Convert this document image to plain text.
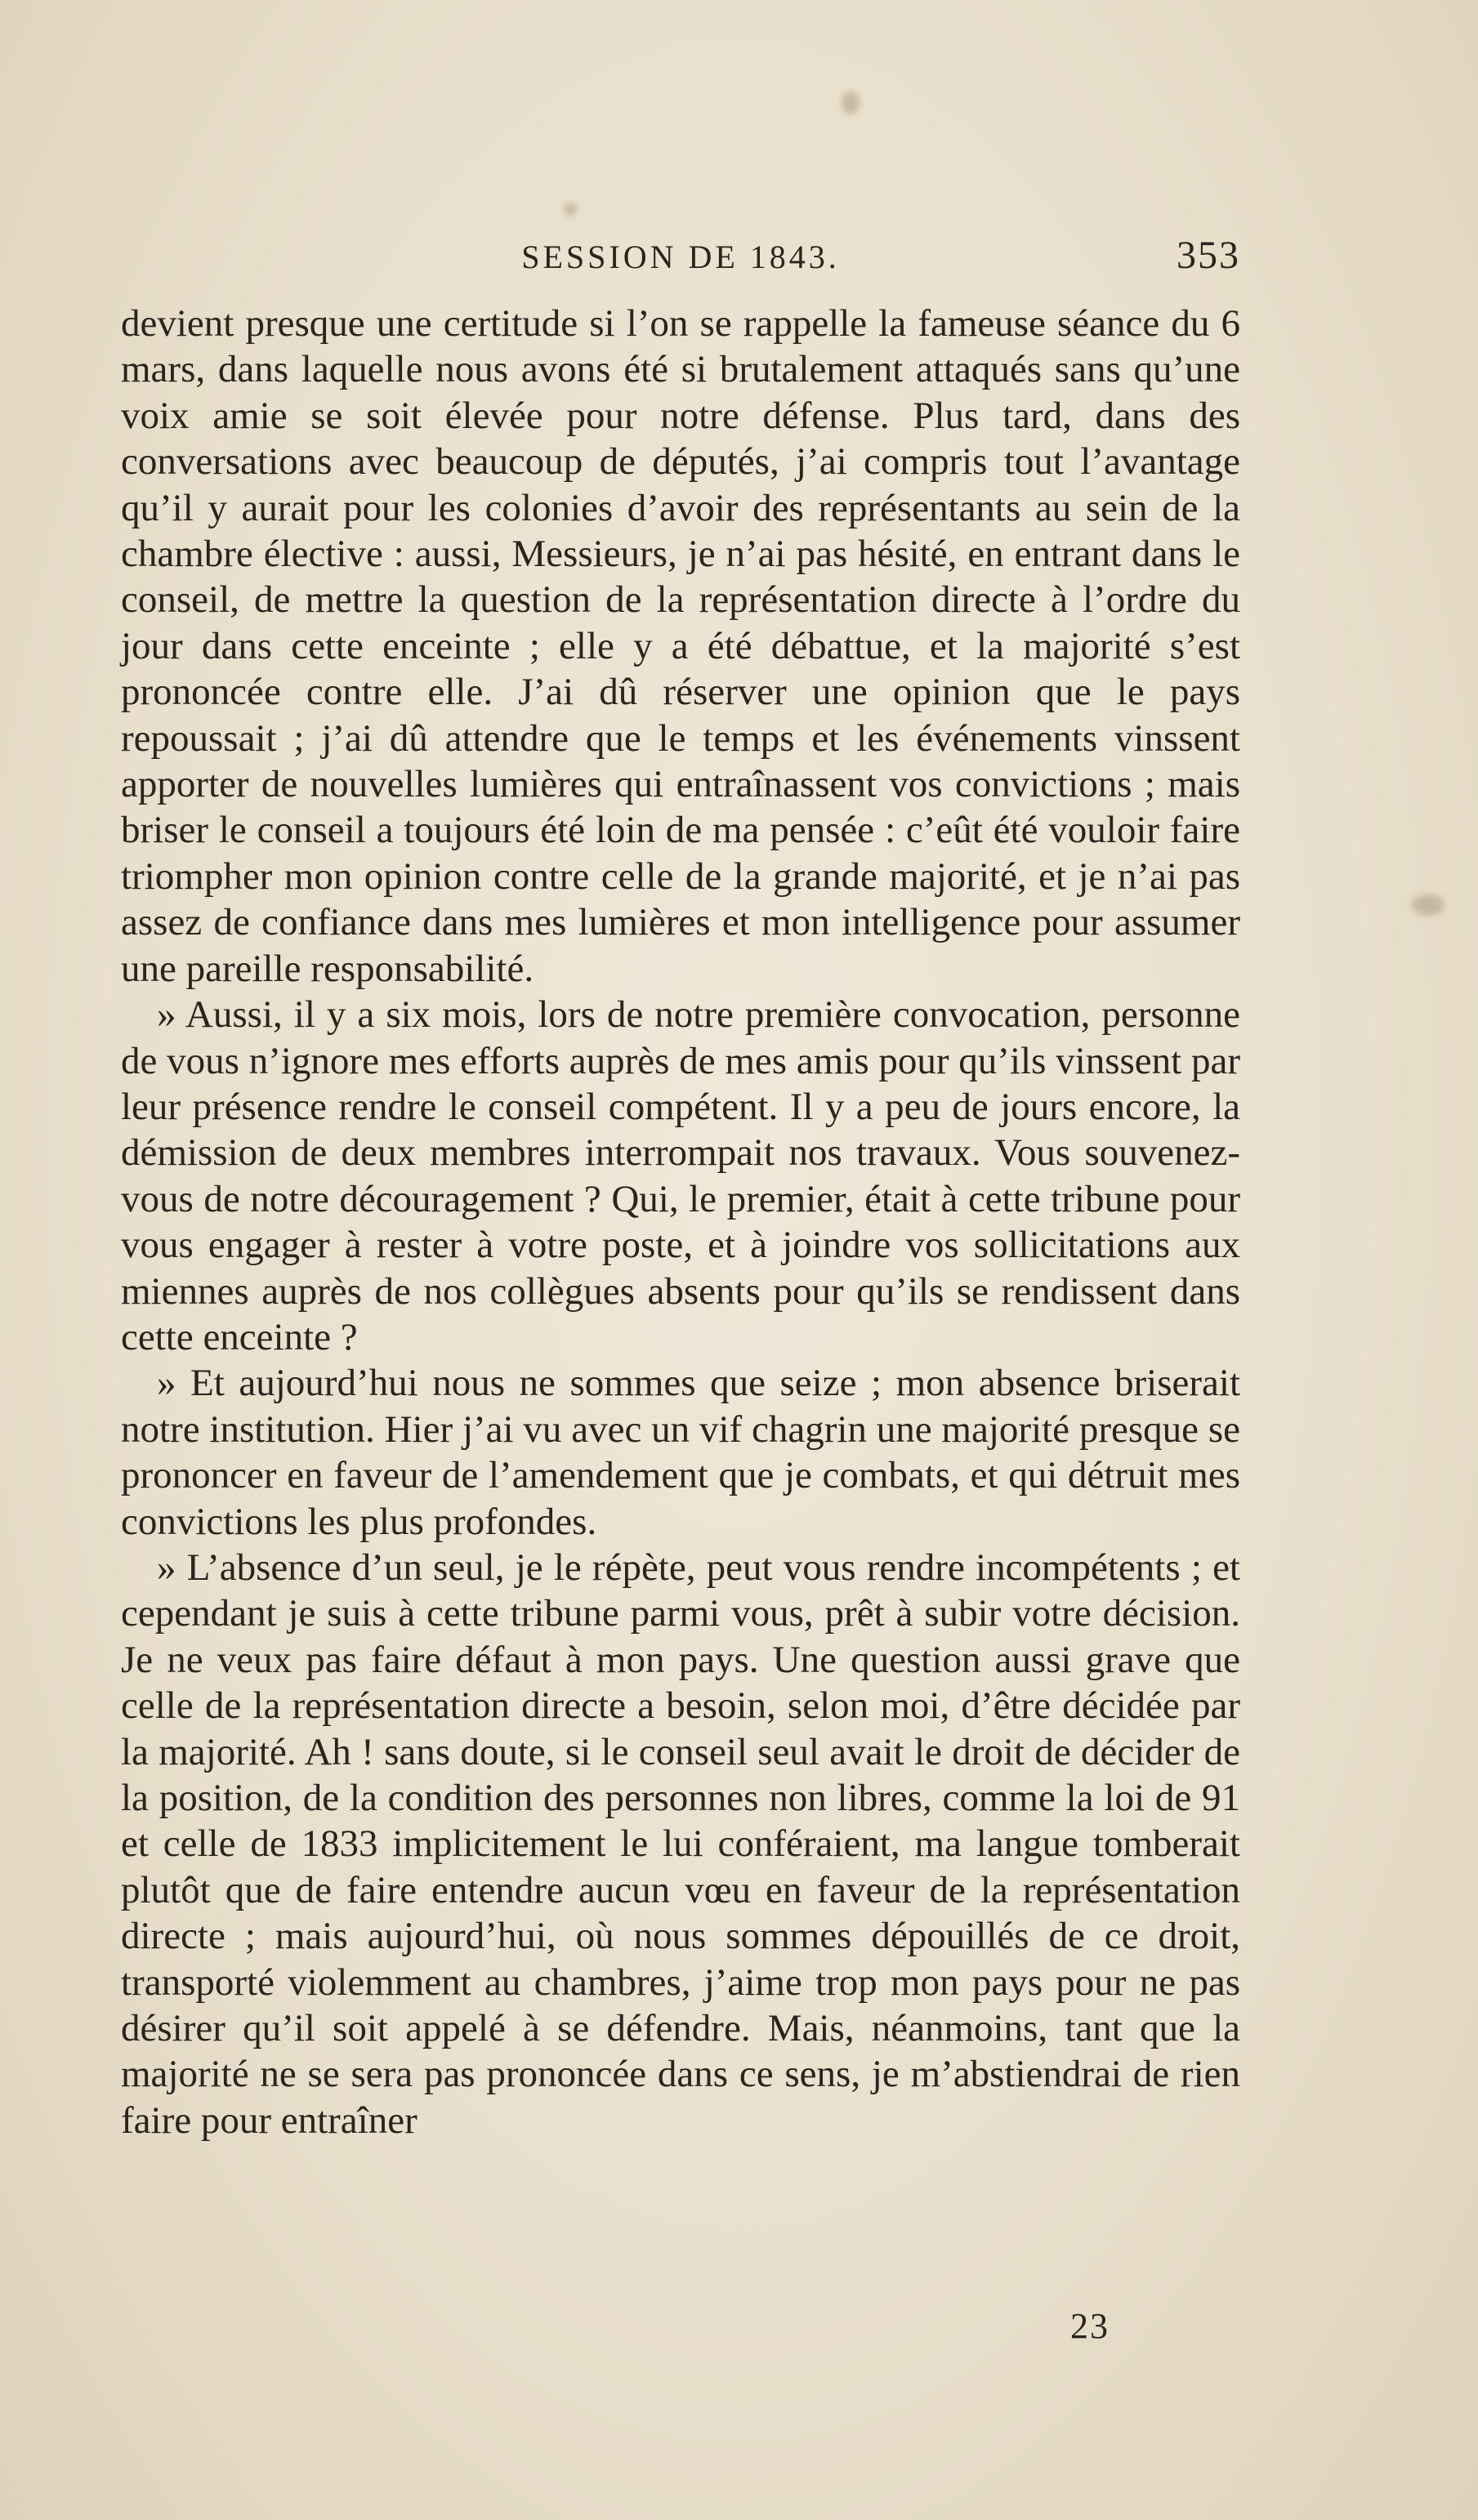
SESSION DE 1843.	353

devient presque une certitude si l’on se rappelle la fameuse séance du 6 mars, dans laquelle nous avons été si brutalement attaqués sans qu’une voix amie se soit élevée pour notre défense. Plus tard, dans des conversations avec beaucoup de députés, j’ai compris tout l’avantage qu’il y aurait pour les colonies d’avoir des représentants au sein de la chambre élective : aussi, Messieurs, je n’ai pas hésité, en entrant dans le conseil, de mettre la question de la représentation directe à l’ordre du jour dans cette enceinte ; elle y a été débattue, et la majorité s’est prononcée contre elle. J’ai dû réserver une opinion que le pays repoussait ; j’ai dû attendre que le temps et les événements vinssent apporter de nouvelles lumières qui entraînassent vos convictions ; mais briser le conseil a toujours été loin de ma pensée : c’eût été vouloir faire triompher mon opinion contre celle de la grande majorité, et je n’ai pas assez de confiance dans mes lumières et mon intelligence pour assumer une pareille responsabilité.

» Aussi, il y a six mois, lors de notre première convocation, personne de vous n’ignore mes efforts auprès de mes amis pour qu’ils vinssent par leur présence rendre le conseil compétent. Il y a peu de jours encore, la démission de deux membres interrompait nos travaux. Vous souvenez-vous de notre découragement ? Qui, le premier, était à cette tribune pour vous engager à rester à votre poste, et à joindre vos sollicitations aux miennes auprès de nos collègues absents pour qu’ils se rendissent dans cette enceinte ?

» Et aujourd’hui nous ne sommes que seize ; mon absence briserait notre institution. Hier j’ai vu avec un vif chagrin une majorité presque se prononcer en faveur de l’amendement que je combats, et qui détruit mes convictions les plus profondes.

» L’absence d’un seul, je le répète, peut vous rendre incompétents ; et cependant je suis à cette tribune parmi vous, prêt à subir votre décision. Je ne veux pas faire défaut à mon pays. Une question aussi grave que celle de la représentation directe a besoin, selon moi, d’être décidée par la majorité. Ah ! sans doute, si le conseil seul avait le droit de décider de la position, de la condition des personnes non libres, comme la loi de 91 et celle de 1833 implicitement le lui conféraient, ma langue tomberait plutôt que de faire entendre aucun vœu en faveur de la représentation directe ; mais aujourd’hui, où nous sommes dépouillés de ce droit, transporté violemment au chambres, j’aime trop mon pays pour ne pas désirer qu’il soit appelé à se défendre. Mais, néanmoins, tant que la majorité ne se sera pas prononcée dans ce sens, je m’abstiendrai de rien faire pour entraîner

23
